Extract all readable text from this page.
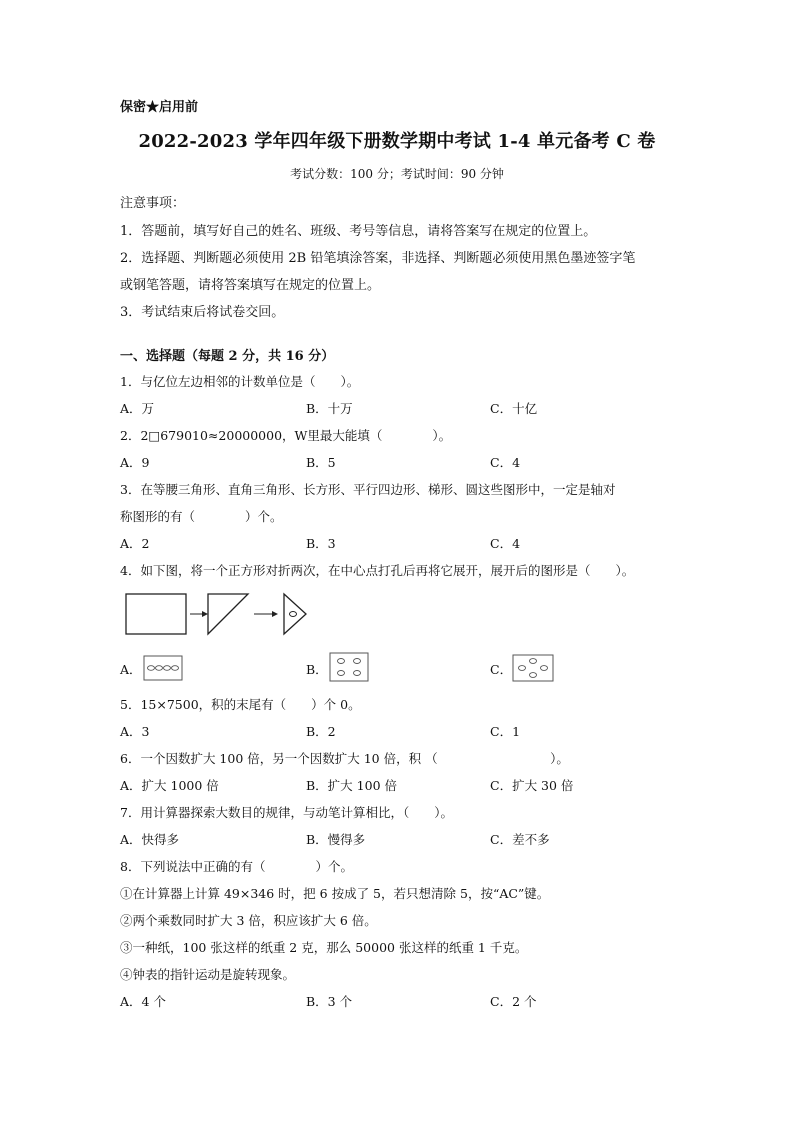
保密★启用前
2022-2023 学年四年级下册数学期中考试 1-4 单元备考 C 卷
考试分数：100 分；考试时间：90 分钟
注意事项：
1．答题前，填写好自己的姓名、班级、考号等信息，请将答案写在规定的位置上。
2．选择题、判断题必须使用 2B 铅笔填涂答案，非选择、判断题必须使用黑色墨迹签字笔
或钢笔答题，请将答案填写在规定的位置上。
3．考试结束后将试卷交回。
一、选择题（每题 2 分，共 16 分）
1．与亿位左边相邻的计数单位是（　　）。
A．万	B．十万	C．十亿
2．2□679010≈20000000，W里最大能填（　　　　）。
A．9	B．5	C．4
3．在等腰三角形、直角三角形、长方形、平行四边形、梯形、圆这些图形中，一定是轴对
称图形的有（　　　　）个。
A．2	B．3	C．4
4．如下图，将一个正方形对折两次，在中心点打孔后再将它展开，展开后的图形是（　　）。
A．	B．	C．
5．15×7500，积的末尾有（　　）个 0。
A．3	B．2	C．1
6．一个因数扩大 100 倍，另一个因数扩大 10 倍，积 （　　　　　　　　　）。
A．扩大 1000 倍	B．扩大 100 倍	C．扩大 30 倍
7．用计算器探索大数目的规律，与动笔计算相比，（　　）。
A．快得多	B．慢得多	C．差不多
8．下列说法中正确的有（　　　　）个。
①在计算器上计算 49×346 时，把 6 按成了 5，若只想清除 5，按“AC”键。
②两个乘数同时扩大 3 倍，积应该扩大 6 倍。
③一种纸，100 张这样的纸重 2 克，那么 50000 张这样的纸重 1 千克。
④钟表的指针运动是旋转现象。
A．4 个	B．3 个	C．2 个
